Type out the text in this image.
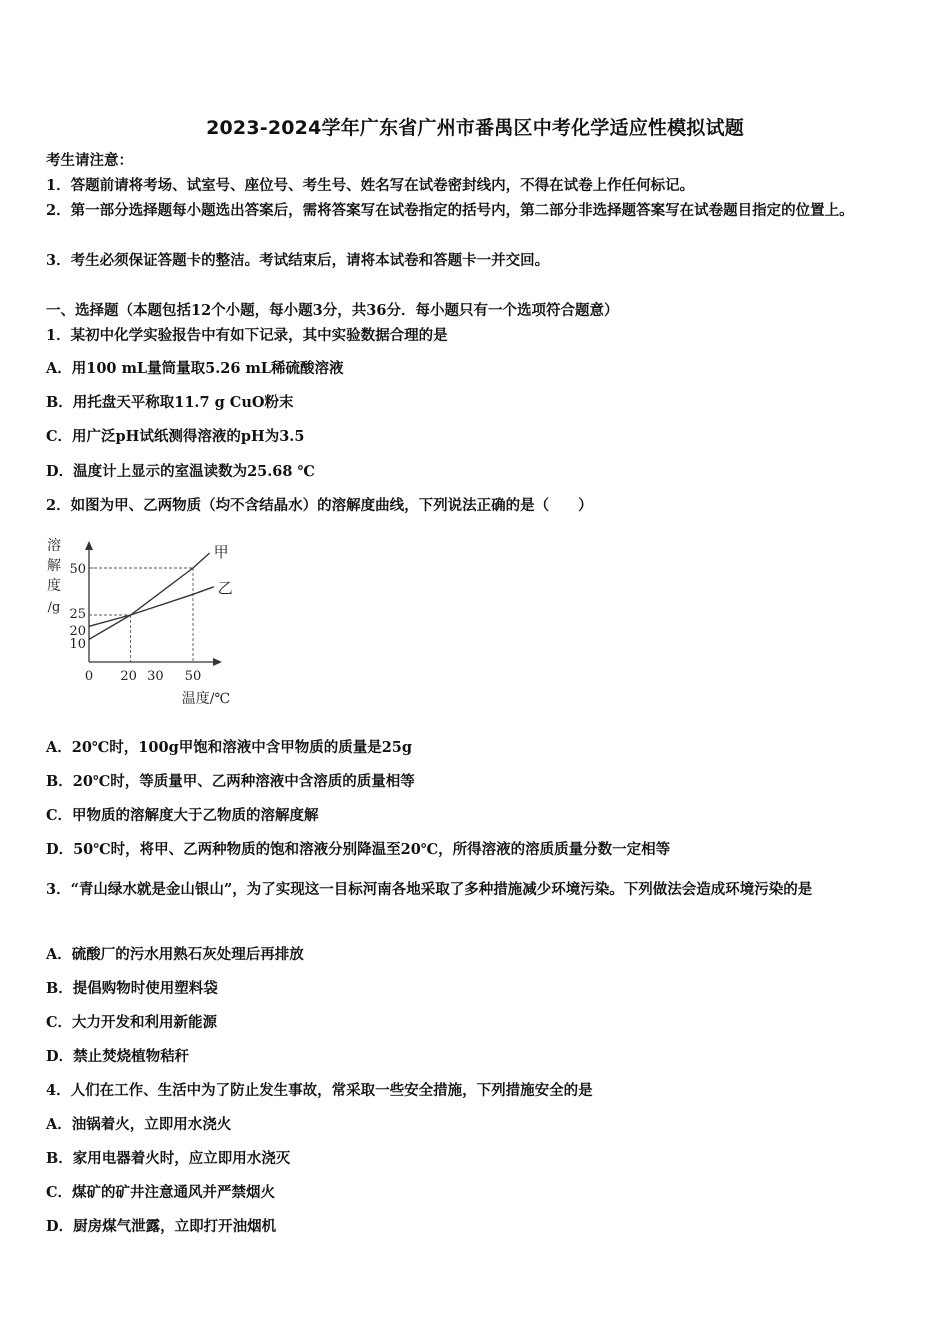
2023-2024学年广东省广州市番禺区中考化学适应性模拟试题
考生请注意：
1．答题前请将考场、试室号、座位号、考生号、姓名写在试卷密封线内，不得在试卷上作任何标记。
2．第一部分选择题每小题选出答案后，需将答案写在试卷指定的括号内，第二部分非选择题答案写在试卷题目指定的位置上。
3．考生必须保证答题卡的整洁。考试结束后，请将本试卷和答题卡一并交回。
一、选择题（本题包括12个小题，每小题3分，共36分．每小题只有一个选项符合题意）
1．某初中化学实验报告中有如下记录，其中实验数据合理的是
A．用100 mL量筒量取5.26 mL稀硫酸溶液
B．用托盘天平称取11.7 g CuO粉末
C．用广泛pH试纸测得溶液的pH为3.5
D．温度计上显示的室温读数为25.68 ℃
2．如图为甲、乙两物质（均不含结晶水）的溶解度曲线，下列说法正确的是（　　）
甲
乙
10
20
25
50
20 30 50
溶
解
度
/g
0
温度/℃
A．20℃时，100g甲饱和溶液中含甲物质的质量是25g
B．20℃时，等质量甲、乙两种溶液中含溶质的质量相等
C．甲物质的溶解度大于乙物质的溶解度解
D．50℃时，将甲、乙两种物质的饱和溶液分别降温至20℃，所得溶液的溶质质量分数一定相等
3．“青山绿水就是金山银山”，为了实现这一目标河南各地采取了多种措施减少环境污染。下列做法会造成环境污染的是
A．硫酸厂的污水用熟石灰处理后再排放
B．提倡购物时使用塑料袋
C．大力开发和利用新能源
D．禁止焚烧植物秸秆
4．人们在工作、生活中为了防止发生事故，常采取一些安全措施，下列措施安全的是
A．油锅着火，立即用水浇火
B．家用电器着火时，应立即用水浇灭
C．煤矿的矿井注意通风并严禁烟火
D．厨房煤气泄露，立即打开油烟机
